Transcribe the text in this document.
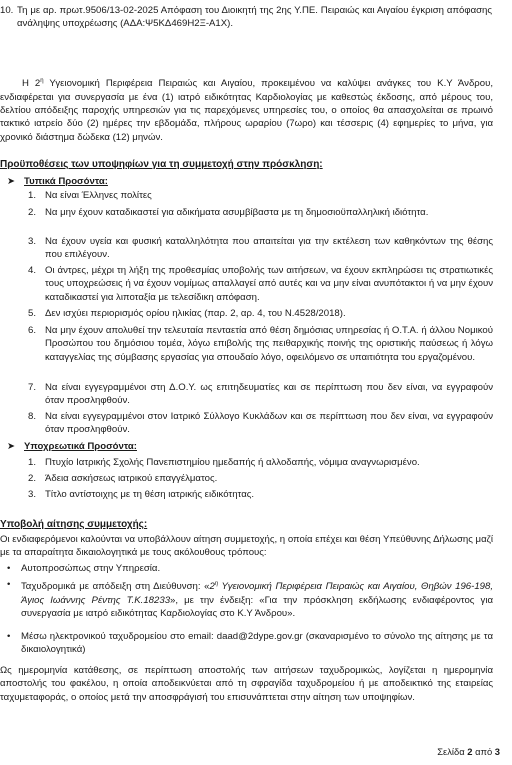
10. Τη με αρ. πρωτ.9506/13-02-2025 Απόφαση του Διοικητή της 2ης Υ.ΠΕ. Πειραιώς και Αιγαίου έγκριση απόφασης ανάληψης υποχρέωσης (ΑΔΑ:Ψ5ΚΔ469Η2Ξ-Α1Χ).
Η $2^\eta$ Υγειονομική Περιφέρεια Πειραιώς και Αιγαίου, προκειμένου να καλύψει ανάγκες του Κ.Υ Άνδρου, ενδιαφέρεται για συνεργασία με ένα (1) ιατρό ειδικότητας Καρδιολογίας με καθεστώς έκδοσης, από μέρους του, δελτίου απόδειξης παροχής υπηρεσιών για τις παρεχόμενες υπηρεσίες του, ο οποίος θα απασχολείται σε πρωινό τακτικό ιατρείο δύο (2) ημέρες την εβδομάδα, πλήρους ωραρίου (7ωρο) και τέσσερις (4) εφημερίες το μήνα, για χρονικό διάστημα δώδεκα (12) μηνών.
Προϋποθέσεις των υποψηφίων για τη συμμετοχή στην πρόσκληση:
➤ Τυπικά Προσόντα:
1. Να είναι Έλληνες πολίτες
2. Να μην έχουν καταδικαστεί για αδικήματα ασυμβίβαστα με τη δημοσιοϋπαλληλική ιδιότητα.
3. Να έχουν υγεία και φυσική καταλληλότητα που απαιτείται για την εκτέλεση των καθηκόντων της θέσης που επιλέγουν.
4. Οι άντρες, μέχρι τη λήξη της προθεσμίας υποβολής των αιτήσεων, να έχουν εκπληρώσει τις στρατιωτικές τους υποχρεώσεις ή να έχουν νομίμως απαλλαγεί από αυτές και να μην είναι ανυπότακτοι ή να μην έχουν καταδικαστεί για λιποταξία με τελεσίδικη απόφαση.
5. Δεν ισχύει περιορισμός ορίου ηλικίας (παρ. 2, αρ. 4, του Ν.4528/2018).
6. Να μην έχουν απολυθεί την τελευταία πενταετία από θέση δημόσιας υπηρεσίας ή Ο.Τ.Α. ή άλλου Νομικού Προσώπου του δημόσιου τομέα, λόγω επιβολής της πειθαρχικής ποινής της οριστικής παύσεως ή λόγω καταγγελίας της σύμβασης εργασίας για σπουδαίο λόγο, οφειλόμενο σε υπαιτιότητα του εργαζομένου.
7. Να είναι εγγεγραμμένοι στη Δ.Ο.Υ. ως επιτηδευματίες και σε περίπτωση που δεν είναι, να εγγραφούν όταν προσληφθούν.
8. Να είναι εγγεγραμμένοι στον Ιατρικό Σύλλογο Κυκλάδων και σε περίπτωση που δεν είναι, να εγγραφούν όταν προσληφθούν.
➤ Υποχρεωτικά Προσόντα:
1. Πτυχίο Ιατρικής Σχολής Πανεπιστημίου ημεδαπής ή αλλοδαπής, νόμιμα αναγνωρισμένο.
2. Άδεια ασκήσεως ιατρικού επαγγέλματος.
3. Τίτλο αντίστοιχης με τη θέση ιατρικής ειδικότητας.
Υποβολή αίτησης συμμετοχής:
Οι ενδιαφερόμενοι καλούνται να υποβάλλουν αίτηση συμμετοχής, η οποία επέχει και θέση Υπεύθυνης Δήλωσης μαζί με τα απαραίτητα δικαιολογητικά με τους ακόλουθους τρόπους:
• Αυτοπροσώπως στην Υπηρεσία.
• Ταχυδρομικά με απόδειξη στη Διεύθυνση: «$2^\eta$ Υγειονομική Περιφέρεια Πειραιώς και Αιγαίου, Θηβών 196-198, Άγιος Ιωάννης Ρέντης Τ.Κ.18233», με την ένδειξη: «Για την πρόσκληση εκδήλωσης ενδιαφέροντος για συνεργασία με ιατρό ειδικότητας Καρδιολογίας στο Κ.Υ Άνδρου».
• Μέσω ηλεκτρονικού ταχυδρομείου στο email: daad@2dype.gov.gr (σκαναρισμένο το σύνολο της αίτησης με τα δικαιολογητικά)
Ως ημερομηνία κατάθεσης, σε περίπτωση αποστολής των αιτήσεων ταχυδρομικώς, λογίζεται η ημερομηνία αποστολής του φακέλου, η οποία αποδεικνύεται από τη σφραγίδα ταχυδρομείου ή με αποδεικτικό της εταιρείας ταχυμεταφοράς, ο οποίος μετά την αποσφράγισή του επισυνάπτεται στην αίτηση των υποψηφίων.
Σελίδα 2 από 3
